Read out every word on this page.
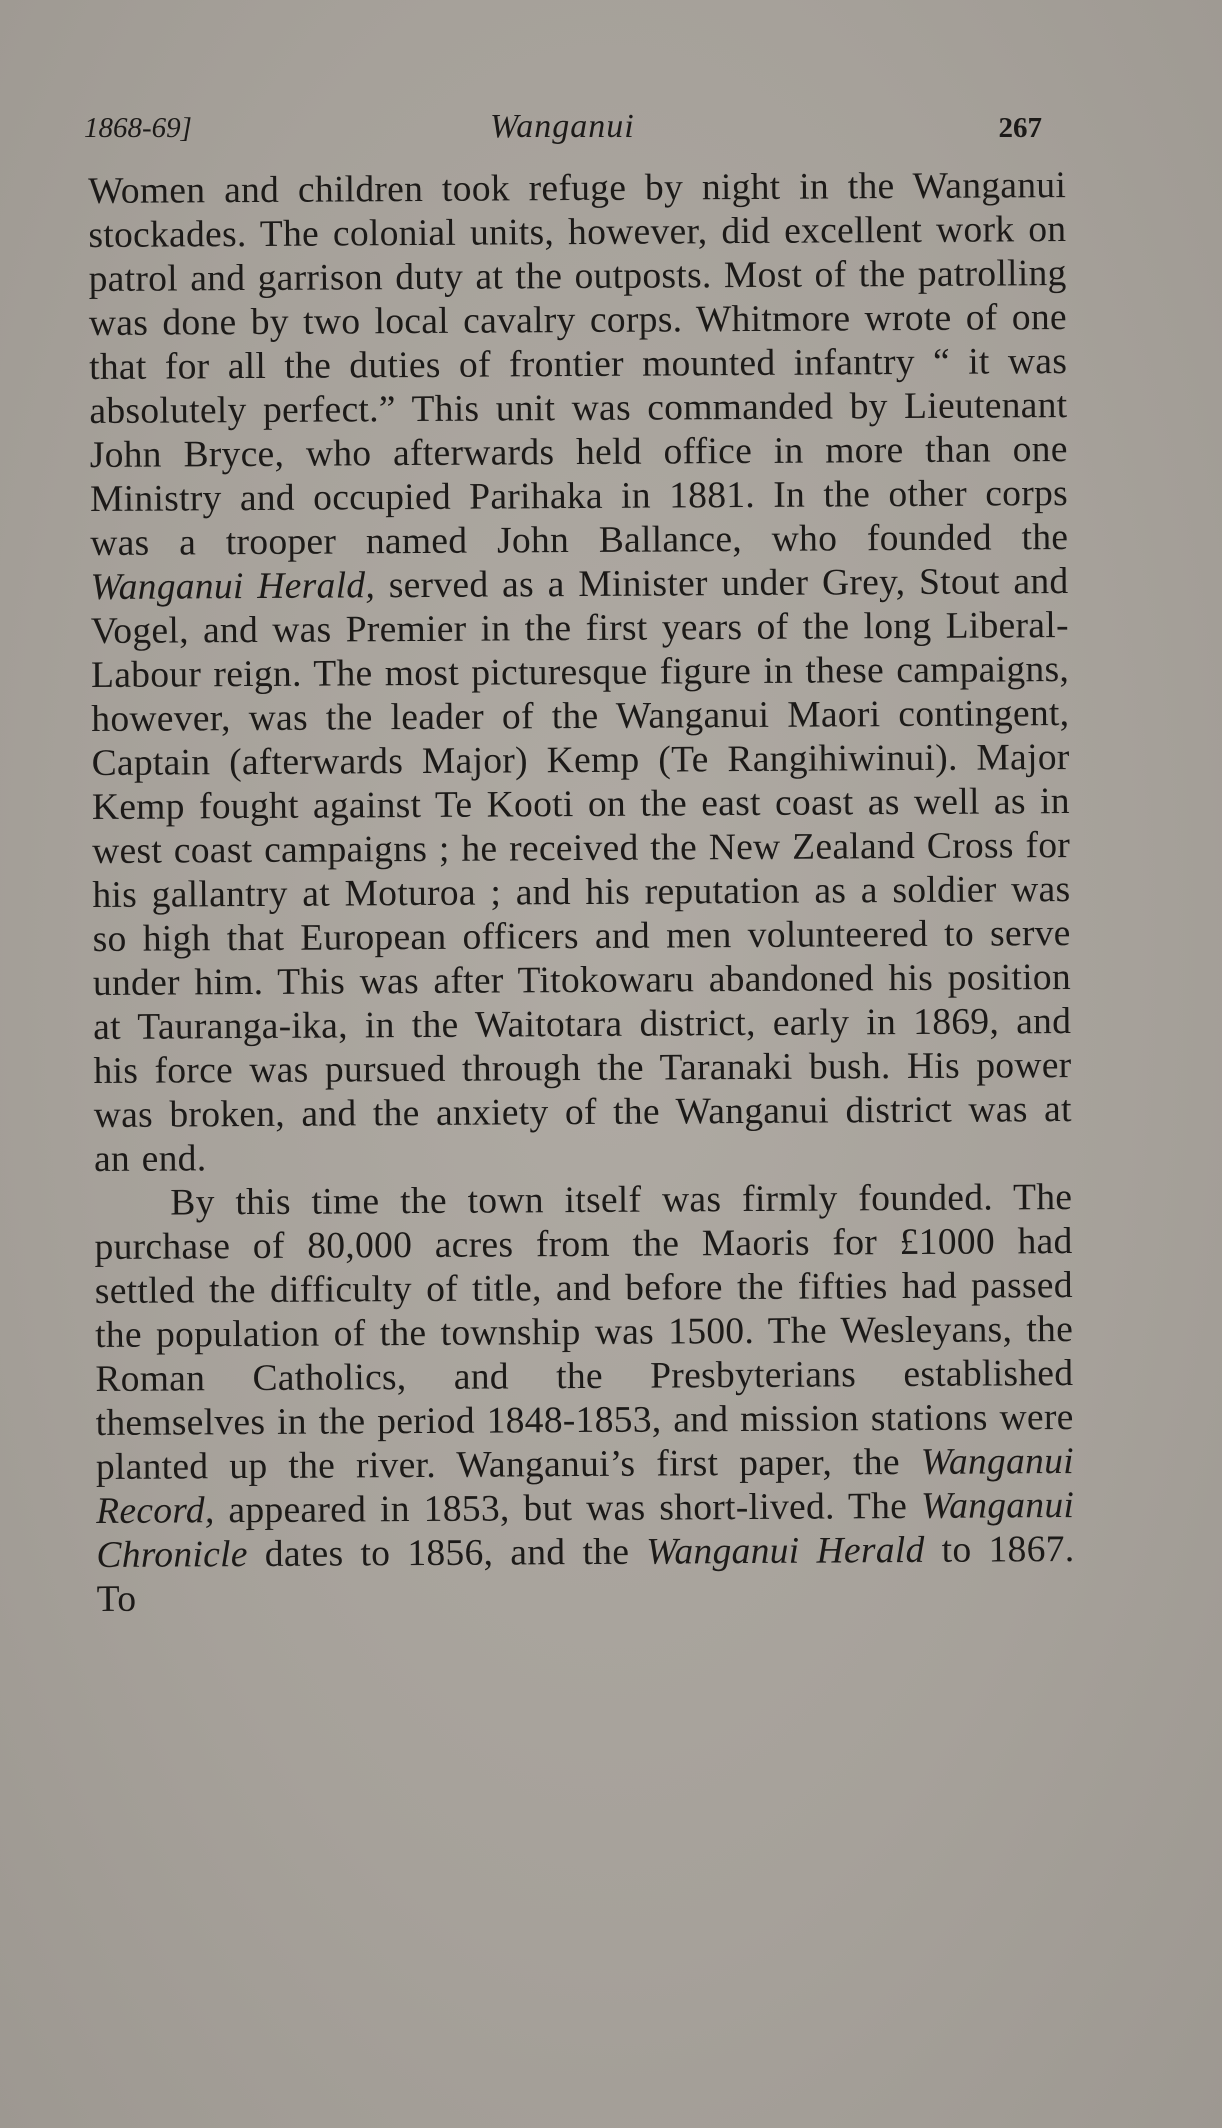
1868-69]	Wanganui	267

Women and children took refuge by night in the Wanganui stockades. The colonial units, however, did excellent work on patrol and garrison duty at the outposts. Most of the patrolling was done by two local cavalry corps. Whitmore wrote of one that for all the duties of frontier mounted infantry “ it was absolutely perfect.” This unit was commanded by Lieutenant John Bryce, who afterwards held office in more than one Ministry and occupied Parihaka in 1881. In the other corps was a trooper named John Ballance, who founded the Wanganui Herald, served as a Minister under Grey, Stout and Vogel, and was Premier in the first years of the long Liberal-Labour reign. The most picturesque figure in these campaigns, however, was the leader of the Wanganui Maori contingent, Captain (afterwards Major) Kemp (Te Rangihiwinui). Major Kemp fought against Te Kooti on the east coast as well as in west coast campaigns ; he received the New Zealand Cross for his gallantry at Moturoa ; and his reputation as a soldier was so high that European officers and men volunteered to serve under him. This was after Titokowaru abandoned his position at Tauranga-ika, in the Waitotara district, early in 1869, and his force was pursued through the Taranaki bush. His power was broken, and the anxiety of the Wanganui district was at an end.

By this time the town itself was firmly founded. The purchase of 80,000 acres from the Maoris for £1000 had settled the difficulty of title, and before the fifties had passed the population of the township was 1500. The Wesleyans, the Roman Catholics, and the Presbyterians established themselves in the period 1848-1853, and mission stations were planted up the river. Wanganui’s first paper, the Wanganui Record, appeared in 1853, but was short-lived. The Wanganui Chronicle dates to 1856, and the Wanganui Herald to 1867. To
